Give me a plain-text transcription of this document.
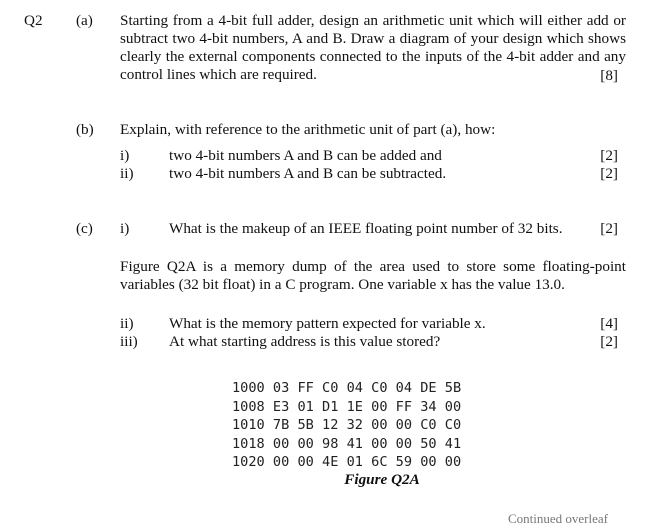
Q2 (a) Starting from a 4-bit full adder, design an arithmetic unit which will either add or subtract two 4-bit numbers, A and B. Draw a diagram of your design which shows clearly the external components connected to the inputs of the 4-bit adder and any control lines which are required.	[8]
(b) Explain, with reference to the arithmetic unit of part (a), how:
i)	two 4-bit numbers A and B can be added and	[2]
ii) two 4-bit numbers A and B can be subtracted.	[2]
(c) i)	What is the makeup of an IEEE floating point number of 32 bits. [2]
Figure Q2A is a memory dump of the area used to store some floating-point variables (32 bit float) in a C program. One variable x has the value 13.0.
ii) What is the memory pattern expected for variable x.	[4]
iii) At what starting address is this value stored?	[2]
1000 03 FF C0 04 C0 04 DE 5B
1008 E3 01 D1 1E 00 FF 34 00
1010 7B 5B 12 32 00 00 C0 C0
1018 00 00 98 41 00 00 50 41
1020 00 00 4E 01 6C 59 00 00
Figure Q2A
Continued overleaf
